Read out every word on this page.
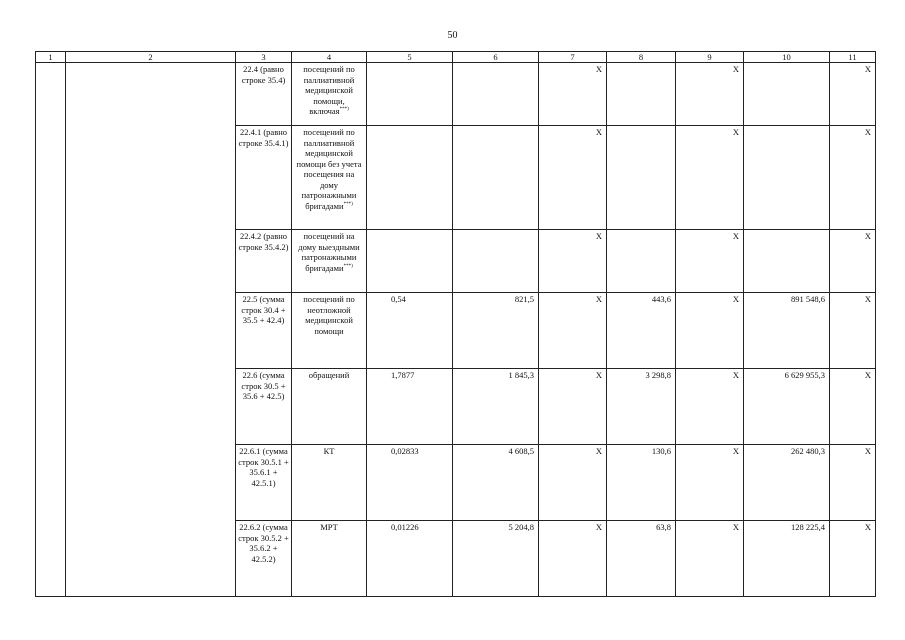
50
1	2	3	4	5	6	7	8	9	10	11
		22.4 (равно строке 35.4)	посещений по паллиативной медицинской помощи, включая***)			X		X		X
		22.4.1 (равно строке 35.4.1)	посещений по паллиативной медицинской помощи без учета посещения на дому патронажными бригадами***)			X		X		X
		22.4.2 (равно строке 35.4.2)	посещений на дому выездными патронажными бригадами***)			X		X		X
		22.5 (сумма строк 30.4 + 35.5 + 42.4)	посещений по неотложной медицинской помощи	0,54	821,5	X	443,6	X	891 548,6	X
		22.6 (сумма строк 30.5 + 35.6 + 42.5)	обращений	1,7877	1 845,3	X	3 298,8	X	6 629 955,3	X
		22.6.1 (сумма строк 30.5.1 + 35.6.1 + 42.5.1)	КТ	0,02833	4 608,5	X	130,6	X	262 480,3	X
		22.6.2 (сумма строк 30.5.2 + 35.6.2 + 42.5.2)	МРТ	0,01226	5 204,8	X	63,8	X	128 225,4	X
